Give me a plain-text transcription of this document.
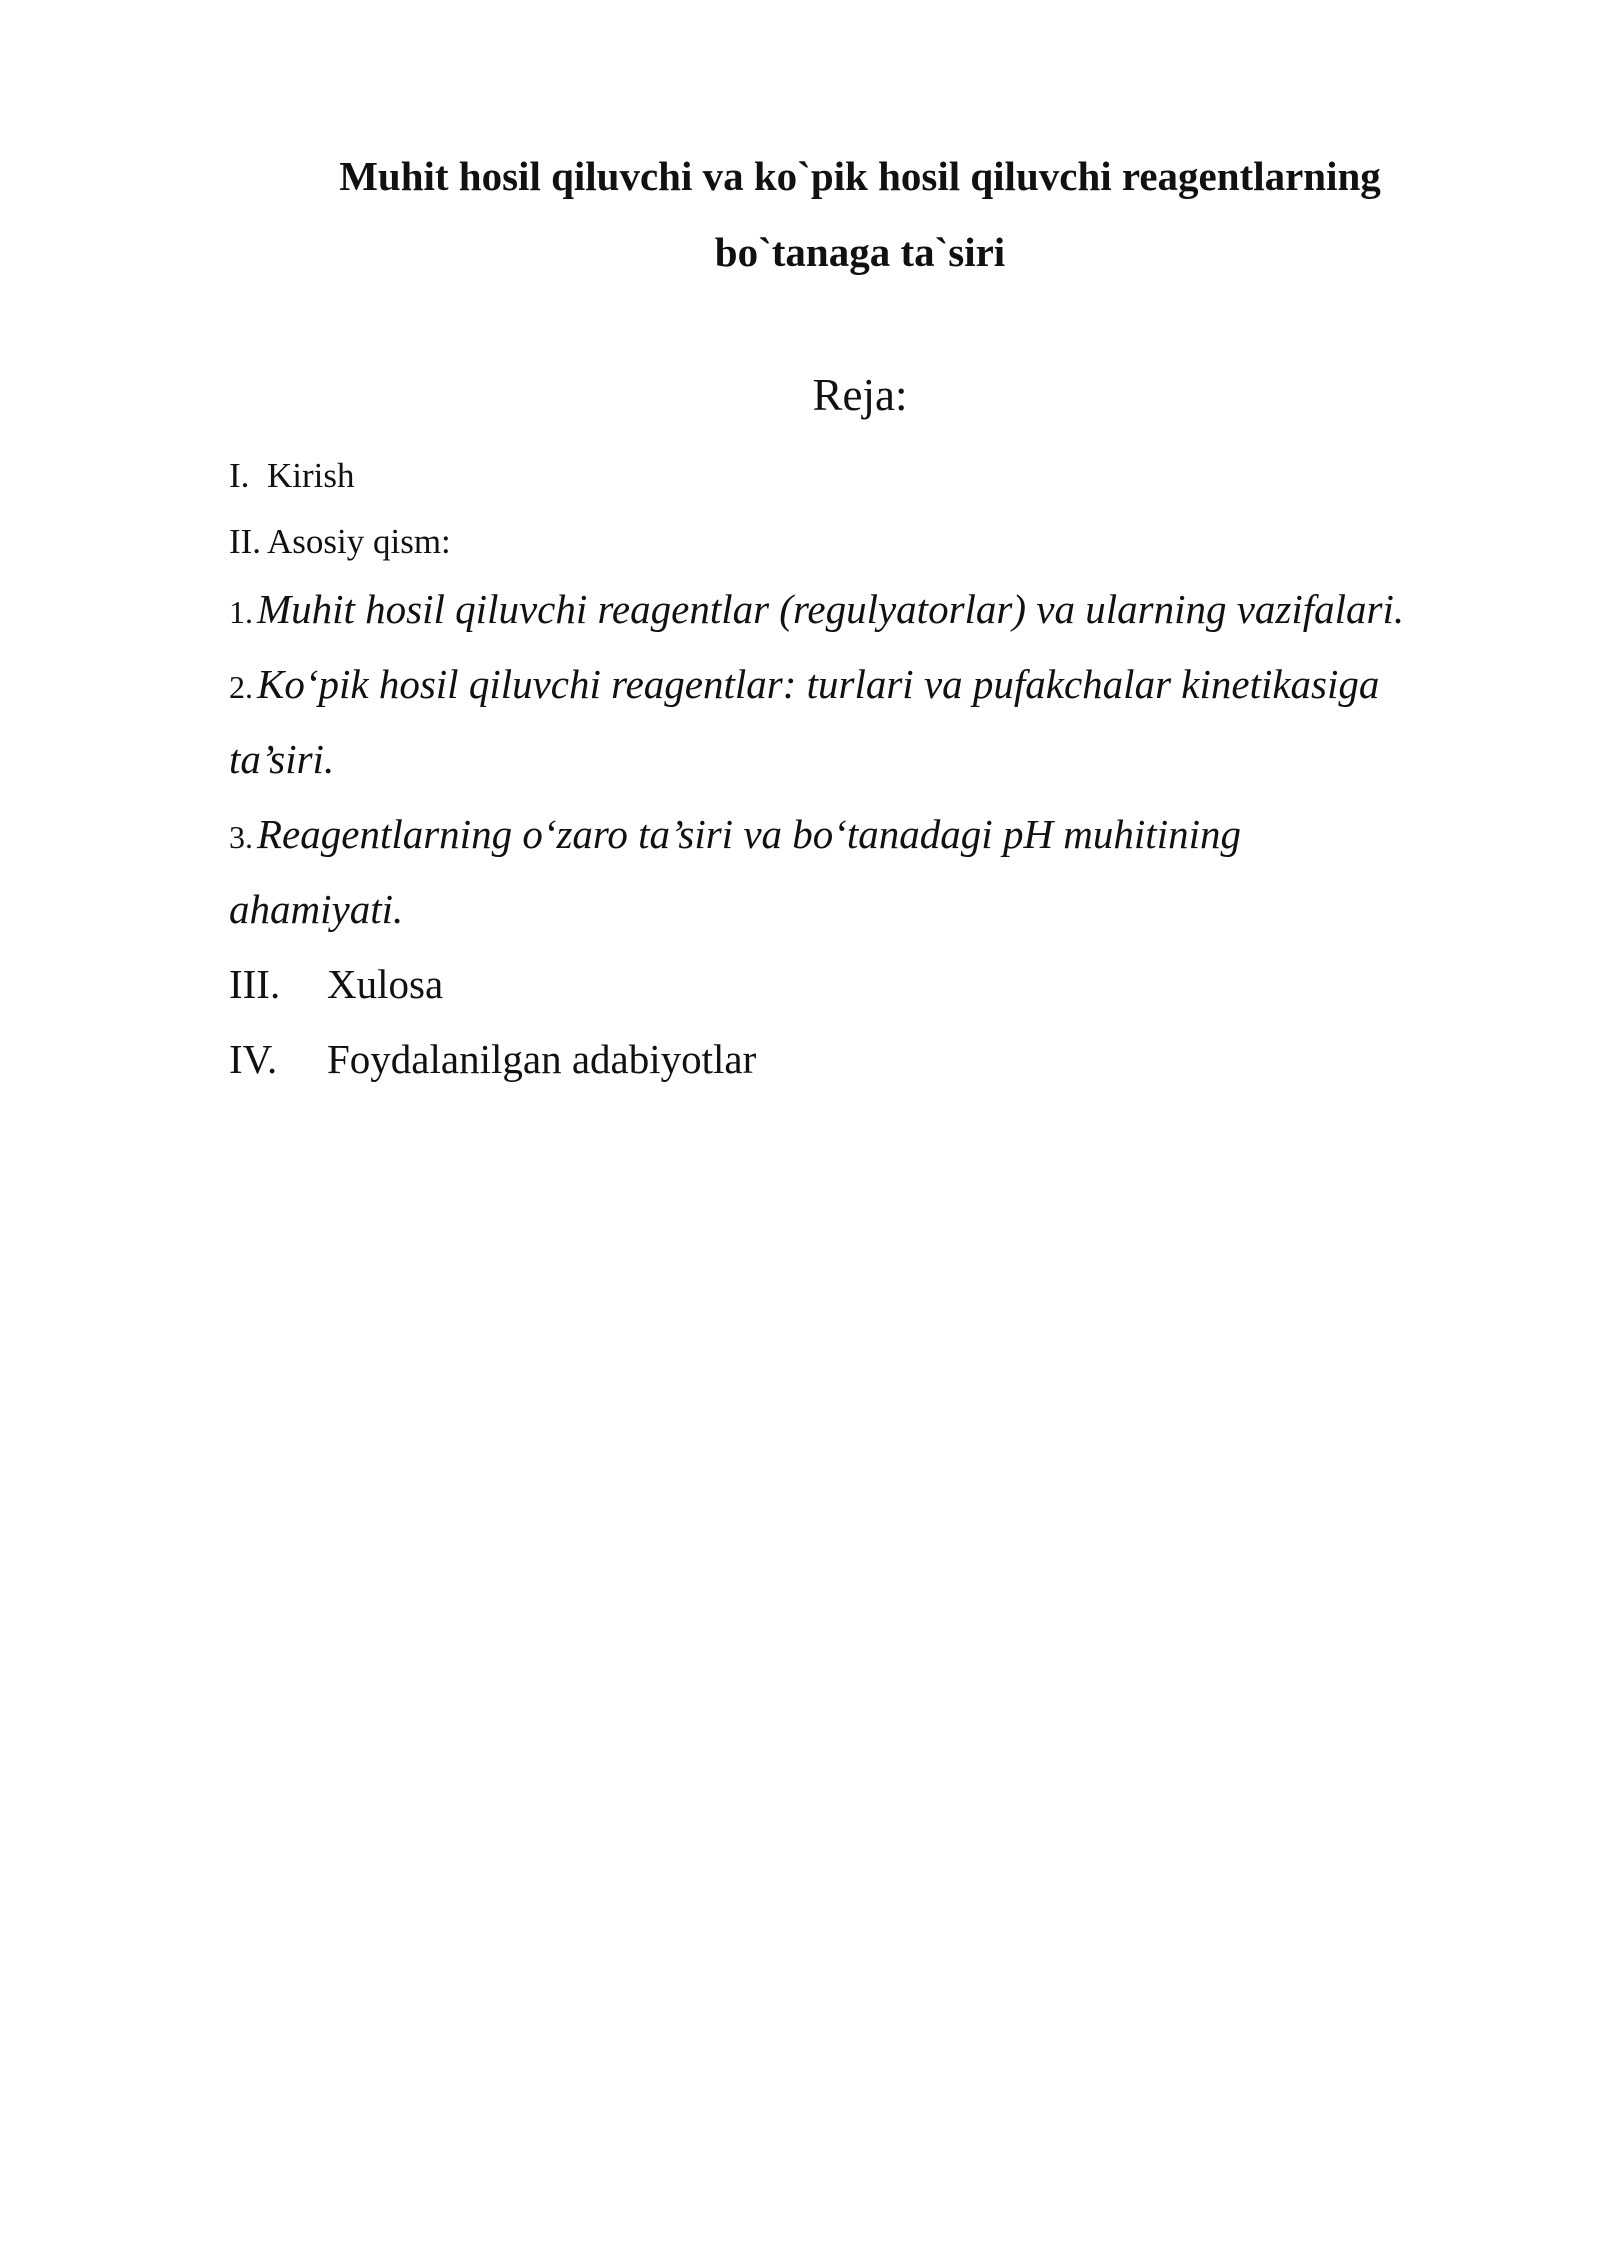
Muhit hosil qiluvchi va ko`pik hosil qiluvchi reagentlarning
bo`tanaga ta`siri
Reja:
I. Kirish
II. Asosiy qism:
1. Muhit hosil qiluvchi reagentlar (regulyatorlar) va ularning vazifalari.
2. Ko‘pik hosil qiluvchi reagentlar: turlari va pufakchalar kinetikasiga
ta’siri.
3. Reagentlarning o‘zaro ta’siri va bo‘tanadagi pH muhitining
ahamiyati.
III. Xulosa
IV. Foydalanilgan adabiyotlar
